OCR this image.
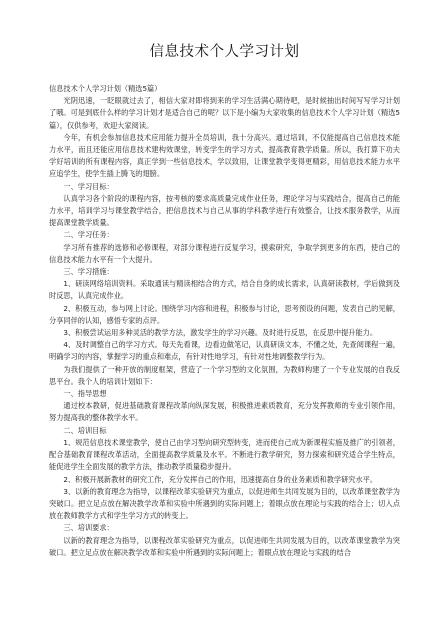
信息技术个人学习计划

信息技术个人学习计划（精选5篇）

光阴迅速，一眨眼就过去了，相信大家对即将到来的学习生活满心期待吧，是时候抽出时间写写学习计划了哦。可是到底什么样的学习计划才是适合自己的呢？以下是小编为大家收集的信息技术个人学习计划（精选5篇），仅供参考，欢迎大家阅读。

今年，有机会参加信息技术应用能力提升全员培训，我十分高兴。通过培训，不仅能提高自己信息技术能力水平，而且还能应用信息技术建构效课堂，转变学生的学习方式，提高教育教学质量。所以，我打算下功夫学好培训的所有课程内容，真正学到一些信息技术，学以致用，让课堂教学变得更精彩，用信息技术能力水平应追学生，使学生插上腾飞的翅膀。

一、学习目标：

认真学习各个阶段的课程内容，按考核的要求高质量完成作业任务，理论学习与实践结合，提高自己的能力水平，培训学习与课堂教学结合，把信息技术与自己从事的学科教学进行有效整合，让技术服务教学，从而提高课堂教学质量。

二、学习任务：

学习所有推荐的选修和必修课程，对部分课程进行反复学习，摸索研究，争取学到更多的东西，使自己的信息技术能力水平有一个大提升。

三、学习措施：

1、研读网络培训资料。采取通读与精读相结合的方式，结合自身的成长需求，认真研读教材，学后做到及时反思，认真完成作业。

2、积极互动，参与网上讨论。围绕学习内容和进程，积极参与讨论，思考预设的问题，发表自己的见解，分享同伴的认知，感悟专家的点评。

3、积极尝试运用多种灵活的教学方法，激发学生的学习兴趣。及时进行反思，在反思中提升能力。

4、及时调整自己的学习方式。每天先看课，边看边做笔记，认真研读文本，不懂之处，先查阅课程一遍，明确学习的内容，掌握学习的重点和难点，有针对性地学习，有针对性地调整教学行为。

为我们提供了一种开放的制度框架，营造了一个学习型的文化氛围，为教师构建了一个专业发展的自我反思平台。我个人的培训计划如下：

一、指导思想

通过校本教研，促进基础教育课程改革向纵深发展，积极推进素质教育，充分发挥教师的专业引领作用，努力提高我的整体教学水平。

二、培训目标

1、规范信息技术课堂教学，使自己由学习型向研究型转变，进而使自己成为新课程实施及推广的引领者，配合基础教育课程改革活动，全面提高教学质量及水平。不断进行教学研究，努力探索和研究适合学生特点，能促进学生全面发展的教学方法，推动教学质量稳步提升。

2、积极开展新教材的研究工作，充分发挥自己的作用，迅速提高自身的业务素质和教学研究水平。

3、以新的教育理念为指导，以课程改革实验研究为重点，以促进师生共同发展为目的，以改革课堂教学为突破口。把立足点放在解决教学改革和实验中所遇到的实际问题上；着眼点放在理论与实践的结合上；切入点放在教师教学方式和学生学习方式的转变上。

三、培训要求：

以新的教育理念为指导，以课程改革实验研究为重点，以促进师生共同发展为目的，以改革课堂教学为突破口。把立足点放在解决教学改革和实验中所遇到的实际问题上；着眼点放在理论与实践的结合
